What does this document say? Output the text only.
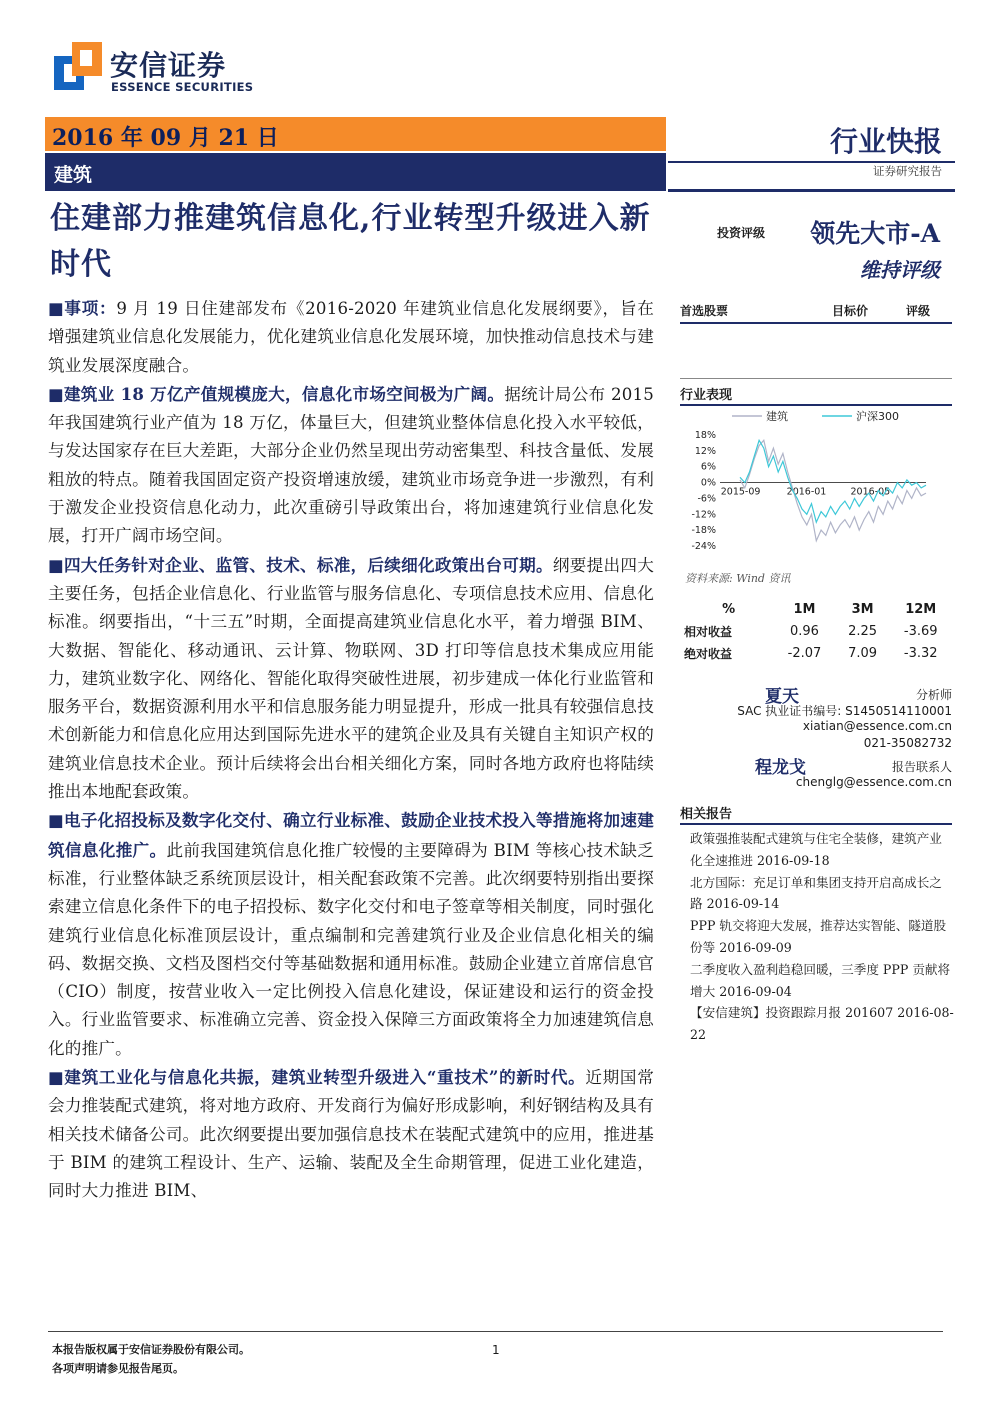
安信证券
ESSENCE SECURITIES
2016 年 09 月 21 日
建筑
行业快报
证券研究报告
住建部力推建筑信息化,行业转型升级进入新时代
投资评级 领先大市-A
维持评级
首选股票	目标价	评级
行业表现
18%
12%
6%
0%
-6%
-12%
-18%
-24%
2015-09	2016-01	2016-05
建筑	沪深300
资料来源: Wind 资讯
%	1M	3M	12M
相对收益	0.96	2.25	-3.69
绝对收益	-2.07	7.09	-3.32
夏天	分析师
SAC 执业证书编号: S1450514110001
xiatian@essence.com.cn
021-35082732
程龙戈	报告联系人
chenglg@essence.com.cn
相关报告
政策强推装配式建筑与住宅全装修，建筑产业化全速推进 2016-09-18
北方国际：充足订单和集团支持开启高成长之路 2016-09-14
PPP 轨交将迎大发展，推荐达实智能、隧道股份等 2016-09-09
二季度收入盈利趋稳回暖，三季度 PPP 贡献将增大 2016-09-04
【安信建筑】投资跟踪月报 201607 2016-08-22

■事项：9 月 19 日住建部发布《2016-2020 年建筑业信息化发展纲要》，旨在增强建筑业信息化发展能力，优化建筑业信息化发展环境，加快推动信息技术与建筑业发展深度融合。

■建筑业 18 万亿产值规模庞大，信息化市场空间极为广阔。据统计局公布 2015 年我国建筑行业产值为 18 万亿，体量巨大，但建筑业整体信息化投入水平较低，与发达国家存在巨大差距，大部分企业仍然呈现出劳动密集型、科技含量低、发展粗放的特点。随着我国固定资产投资增速放缓，建筑业市场竞争进一步激烈，有利于激发企业投资信息化动力，此次重磅引导政策出台，将加速建筑行业信息化发展，打开广阔市场空间。

■四大任务针对企业、监管、技术、标准，后续细化政策出台可期。纲要提出四大主要任务，包括企业信息化、行业监管与服务信息化、专项信息技术应用、信息化标准。纲要指出，“十三五”时期，全面提高建筑业信息化水平，着力增强 BIM、大数据、智能化、移动通讯、云计算、物联网、3D 打印等信息技术集成应用能力，建筑业数字化、网络化、智能化取得突破性进展，初步建成一体化行业监管和服务平台，数据资源利用水平和信息服务能力明显提升，形成一批具有较强信息技术创新能力和信息化应用达到国际先进水平的建筑企业及具有关键自主知识产权的建筑业信息技术企业。预计后续将会出台相关细化方案，同时各地方政府也将陆续推出本地配套政策。

■电子化招投标及数字化交付、确立行业标准、鼓励企业技术投入等措施将加速建筑信息化推广。此前我国建筑信息化推广较慢的主要障碍为 BIM 等核心技术缺乏标准，行业整体缺乏系统顶层设计，相关配套政策不完善。此次纲要特别指出要探索建立信息化条件下的电子招投标、数字化交付和电子签章等相关制度，同时强化建筑行业信息化标准顶层设计，重点编制和完善建筑行业及企业信息化相关的编码、数据交换、文档及图档交付等基础数据和通用标准。鼓励企业建立首席信息官（CIO）制度，按营业收入一定比例投入信息化建设，保证建设和运行的资金投入。行业监管要求、标准确立完善、资金投入保障三方面政策将全力加速建筑信息化的推广。

■建筑工业化与信息化共振，建筑业转型升级进入“重技术”的新时代。近期国常会力推装配式建筑，将对地方政府、开发商行为偏好形成影响，利好钢结构及具有相关技术储备公司。此次纲要提出要加强信息技术在装配式建筑中的应用，推进基于 BIM 的建筑工程设计、生产、运输、装配及全生命期管理，促进工业化建造，同时大力推进 BIM、

本报告版权属于安信证券股份有限公司。
各项声明请参见报告尾页。
1
